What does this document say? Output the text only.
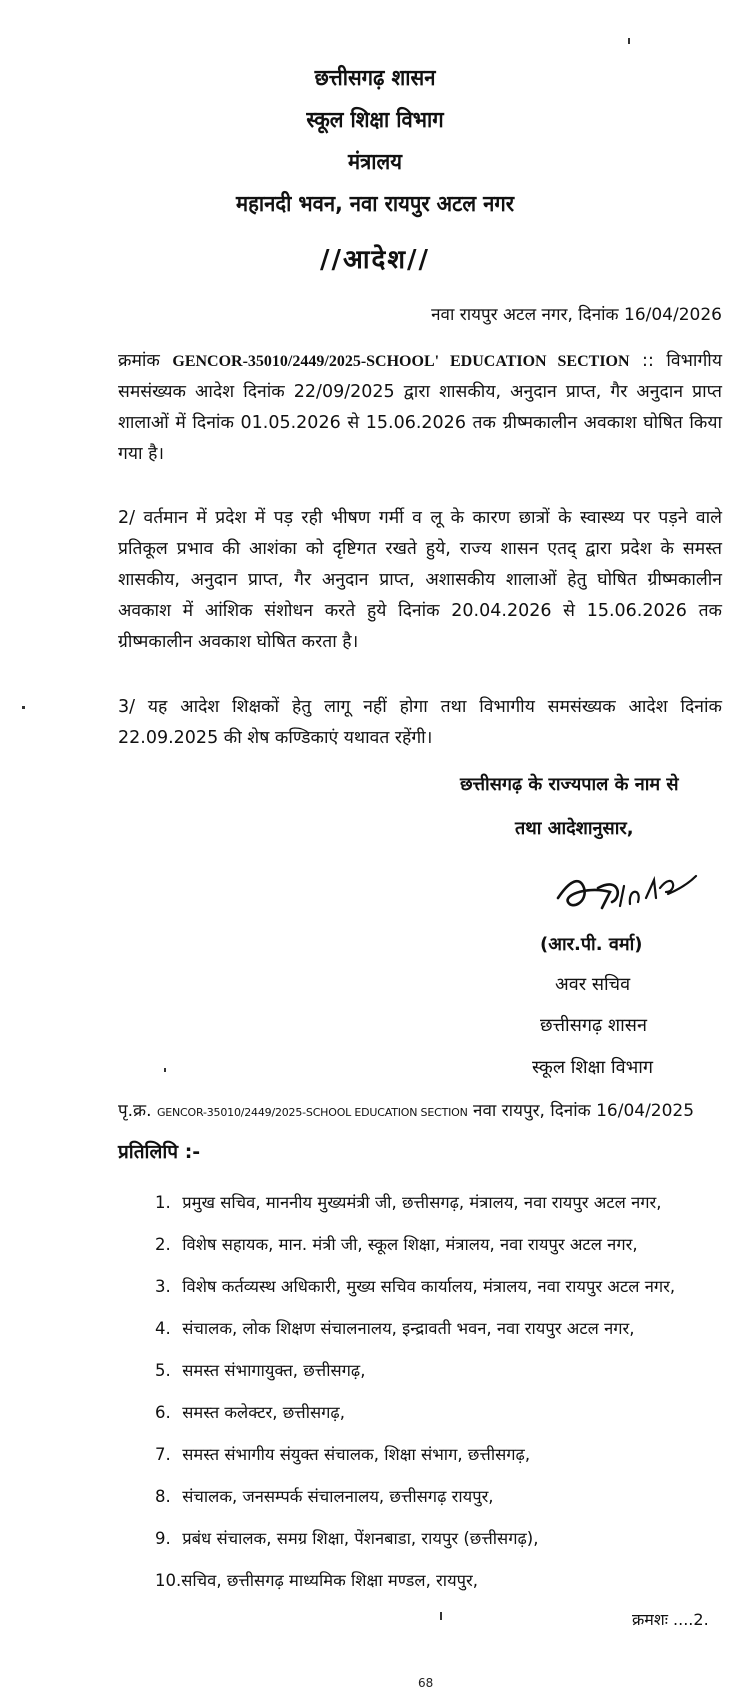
छत्तीसगढ़ शासन
स्कूल शिक्षा विभाग
मंत्रालय
महानदी भवन, नवा रायपुर अटल नगर
//आदेश//
नवा रायपुर अटल नगर, दिनांक 16/04/2026
क्रमांक GENCOR-35010/2449/2025-SCHOOL' EDUCATION SECTION :: विभागीय समसंख्यक आदेश दिनांक 22/09/2025 द्वारा शासकीय, अनुदान प्राप्त, गैर अनुदान प्राप्त शालाओं में दिनांक 01.05.2026 से 15.06.2026 तक ग्रीष्मकालीन अवकाश घोषित किया गया है।
2/ वर्तमान में प्रदेश में पड़ रही भीषण गर्मी व लू के कारण छात्रों के स्वास्थ्य पर पड़ने वाले प्रतिकूल प्रभाव की आशंका को दृष्टिगत रखते हुये, राज्य शासन एतद् द्वारा प्रदेश के समस्त शासकीय, अनुदान प्राप्त, गैर अनुदान प्राप्त, अशासकीय शालाओं हेतु घोषित ग्रीष्मकालीन अवकाश में आंशिक संशोधन करते हुये दिनांक 20.04.2026 से 15.06.2026 तक ग्रीष्मकालीन अवकाश घोषित करता है।
3/ यह आदेश शिक्षकों हेतु लागू नहीं होगा तथा विभागीय समसंख्यक आदेश दिनांक 22.09.2025 की शेष कण्डिकाएं यथावत रहेंगी।
छत्तीसगढ़ के राज्यपाल के नाम से
तथा आदेशानुसार,
(आर.पी. वर्मा)
अवर सचिव
छत्तीसगढ़ शासन
स्कूल शिक्षा विभाग
पृ.क्र. GENCOR-35010/2449/2025-SCHOOL EDUCATION SECTION नवा रायपुर, दिनांक 16/04/2025
प्रतिलिपि :-
1. प्रमुख सचिव, माननीय मुख्यमंत्री जी, छत्तीसगढ़, मंत्रालय, नवा रायपुर अटल नगर,
2. विशेष सहायक, मान. मंत्री जी, स्कूल शिक्षा, मंत्रालय, नवा रायपुर अटल नगर,
3. विशेष कर्तव्यस्थ अधिकारी, मुख्य सचिव कार्यालय, मंत्रालय, नवा रायपुर अटल नगर,
4. संचालक, लोक शिक्षण संचालनालय, इन्द्रावती भवन, नवा रायपुर अटल नगर,
5. समस्त संभागायुक्त, छत्तीसगढ़,
6. समस्त कलेक्टर, छत्तीसगढ़,
7. समस्त संभागीय संयुक्त संचालक, शिक्षा संभाग, छत्तीसगढ़,
8. संचालक, जनसम्पर्क संचालनालय, छत्तीसगढ़ रायपुर,
9. प्रबंध संचालक, समग्र शिक्षा, पेंशनबाडा, रायपुर (छत्तीसगढ़),
10.सचिव, छत्तीसगढ़ माध्यमिक शिक्षा मण्डल, रायपुर,
क्रमशः ....2.
68
